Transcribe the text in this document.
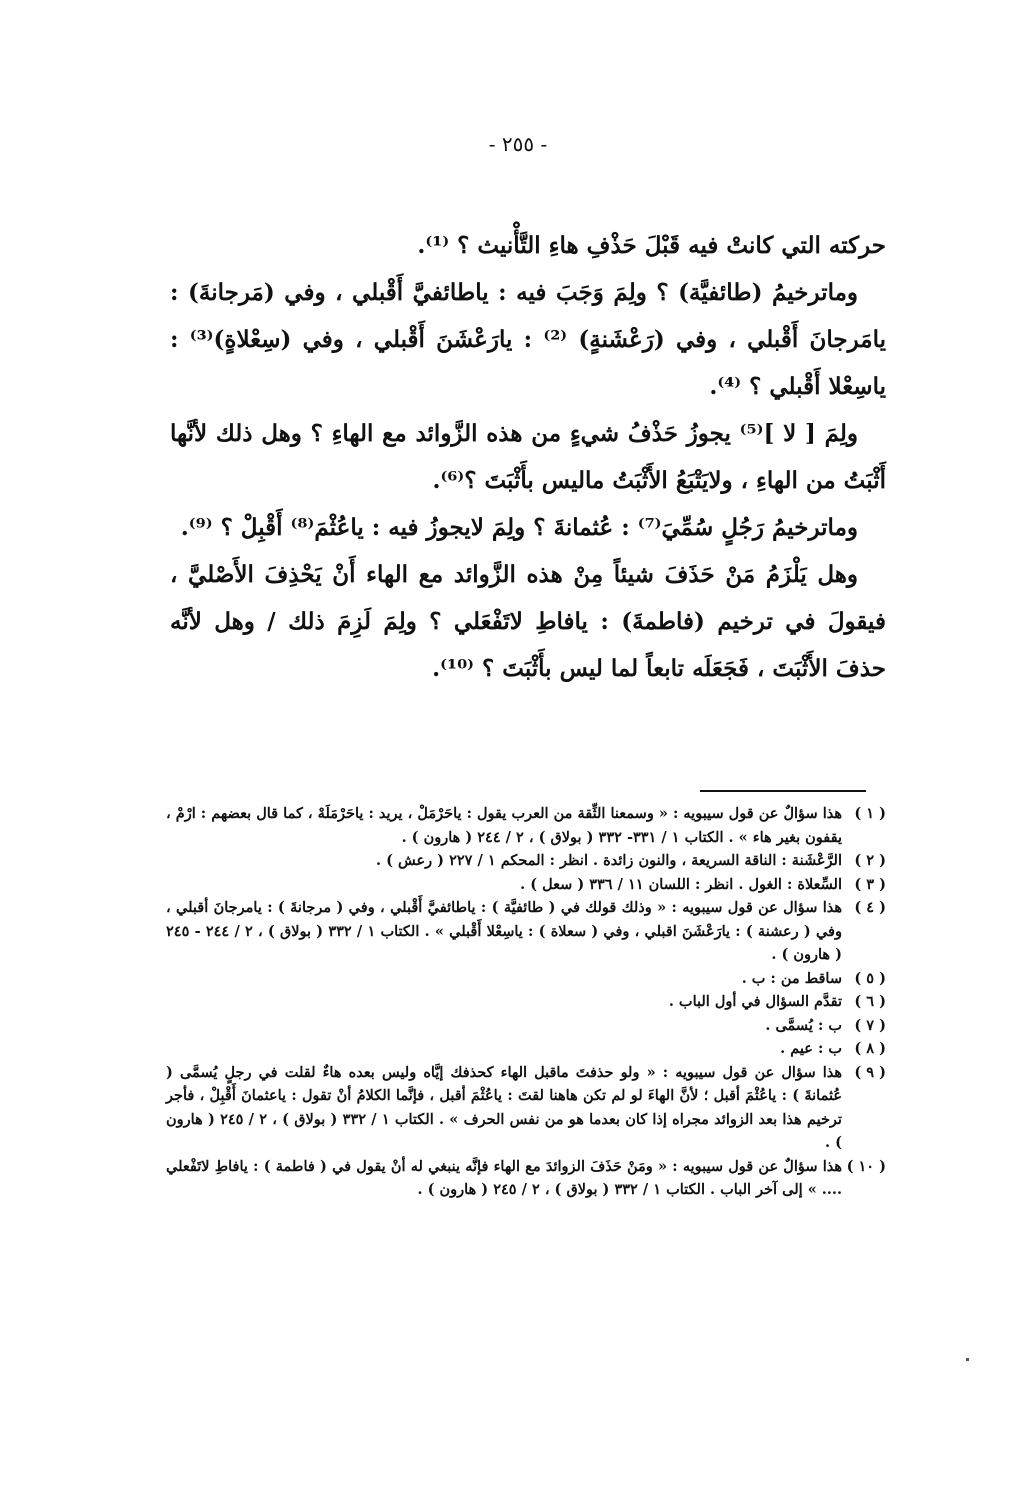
- ٢٥٥ -

حركته التي كانتْ فيه قَبْلَ حَذْفِ هاءِ التَّأْنيث ؟ ⁽¹⁾.

وماترخيمُ (طائفيَّة) ؟ ولِمَ وَجَبَ فيه : ياطائفيَّ أَقْبلي ، وفي (مَرجانةَ) : يامَرجانَ أَقْبلي ، وفي (رَعْشَنةٍ) ⁽²⁾ : يارَعْشَنَ أَقْبلي ، وفي (سِعْلاةٍ)⁽³⁾ : ياسِعْلا أَقْبلي ؟ ⁽⁴⁾.

ولِمَ [ لا ]⁽⁵⁾ يجوزُ حَذْفُ شيءٍ من هذه الزَّوائد مع الهاءِ ؟ وهل ذلك لأنَّها أَثْبَتُ من الهاءِ ، ولايَتْبَعُ الأَثْبَتُ ماليس بأَثْبَتَ ؟⁽⁶⁾.

وماترخيمُ رَجُلٍ سُمِّيَ⁽⁷⁾ : عُثمانةَ ؟ ولِمَ لايجوزُ فيه : ياعُثْمَ⁽⁸⁾ أَقْبِلْ ؟ ⁽⁹⁾.

وهل يَلْزَمُ مَنْ حَذَفَ شيئاً مِنْ هذه الزَّوائد مع الهاء أَنْ يَحْذِفَ الأَصْليَّ ، فيقولَ في ترخيم (فاطمةَ) : يافاطِ لاتَفْعَلي ؟ ولِمَ لَزِمَ ذلك / وهل لأنَّه حذفَ الأَثْبَتَ ، فَجَعَلَه تابعاً لما ليس بأَثْبَتَ ؟ ⁽¹⁰⁾.

( ١ )
هذا سؤالٌ عن قول سيبويه : « وسمعنا الثِّقة من العرب يقول : ياحَرْمَلْ ، يريد : ياحَرْمَلَهْ ، كما قال بعضهم : ارْمْ ، يقفون بغير هاء » . الكتاب ١ / ٣٣١- ٣٣٢ ( بولاق ) ، ٢ / ٢٤٤ ( هارون ) .
( ٢ )
الرَّعْشَنة : الناقة السريعة ، والنون زائدة . انظر : المحكم ١ / ٢٢٧ ( رعش ) .
( ٣ )
السِّعلاة : الغول . انظر : اللسان ١١ / ٣٣٦ ( سعل ) .
( ٤ )
هذا سؤال عن قول سيبويه : « وذلك قولك في ( طائفيَّة ) : ياطائفيَّ أَقْبلي ، وفي ( مرجانةَ ) : يامرجانَ أقبلي ، وفي ( رعشنة ) : يارَعْشَنَ اقبلي ، وفي ( سعلاة ) : ياسِعْلا أَقْبلي » . الكتاب ١ / ٣٣٢ ( بولاق ) ، ٢ / ٢٤٤ - ٢٤٥ ( هارون ) .
( ٥ )
ساقط من : ب .
( ٦ )
تقدَّم السؤال في أول الباب .
( ٧ )
ب : يُسمَّى .
( ٨ )
ب : عيم .
( ٩ )
هذا سؤال عن قول سيبويه : « ولو حذفتَ ماقبل الهاء كحذفك إيَّاه وليس بعده هاءٌ لقلت في رجلٍ يُسمَّى ( عُثمانةَ ) : ياعُثْمَ أقبل ؛ لأنَّ الهاءَ لو لم تكن هاهنا لقتَ : ياعُثْمَ أقبل ، فإنَّما الكلامُ أنْ تقول : ياعثمانَ أَقْبِلْ ، فأجر ترخيم هذا بعد الزوائد مجراه إذا كان بعدما هو من نفس الحرف » . الكتاب ١ / ٣٣٢ ( بولاق ) ، ٢ / ٢٤٥ ( هارون ) .
( ١٠ )
هذا سؤالٌ عن قول سيبويه : « ومَنْ حَذَفَ الزوائدَ مع الهاء فإنَّه ينبغي له أنْ يقول في ( فاطمة ) : يافاطِ لاتَفْعلي .... » إلى آخر الباب . الكتاب ١ / ٣٣٢ ( بولاق ) ، ٢ / ٢٤٥ ( هارون ) .
